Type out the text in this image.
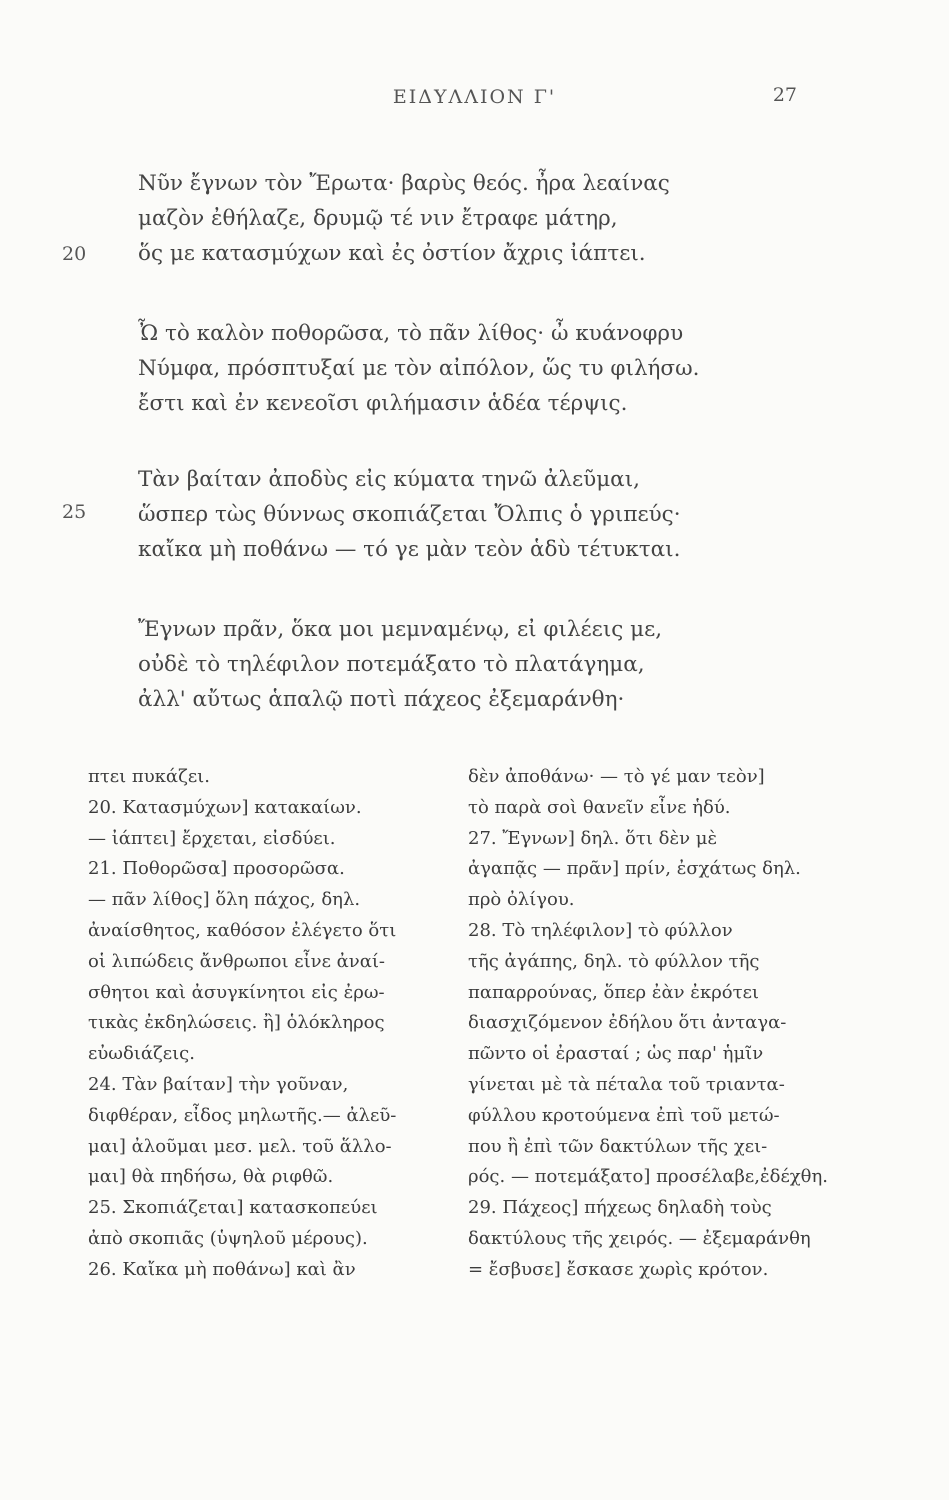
ΕΙΔΥΛΛΙΟΝ Γ'	27
Νῦν ἔγνων τὸν Ἔρωτα· βαρὺς θεός. ἦρα λεαίνας
μαζὸν ἐθήλαζε, δρυμῷ τέ νιν ἔτραφε μάτηρ,
ὅς με κατασμύχων καὶ ἐς ὀστίον ἄχρις ἰάπτει.
20
Ὦ τὸ καλὸν ποθορῶσα, τὸ πᾶν λίθος· ὦ κυάνοφρυ
Νύμφα, πρόσπτυξαί με τὸν αἰπόλον, ὥς τυ φιλήσω.
ἔστι καὶ ἐν κενεοῖσι φιλήμασιν ἁδέα τέρψις.
Τὰν βαίταν ἀποδὺς εἰς κύματα τηνῶ ἀλεῦμαι,
ὥσπερ τὼς θύννως σκοπιάζεται Ὄλπις ὁ γριπεύς·
καἴκα μὴ ποθάνω — τό γε μὰν τεὸν ἁδὺ τέτυκται.
25
Ἔγνων πρᾶν, ὅκα μοι μεμναμένῳ, εἰ φιλέεις με,
οὐδὲ τὸ τηλέφιλον ποτεμάξατο τὸ πλατάγημα,
ἀλλ' αὔτως ἁπαλῷ ποτὶ πάχεος ἐξεμαράνθη·
πτει πυκάζει.
20. Κατασμύχων] κατακαίων.
— ἰάπτει] ἔρχεται, εἰσδύει.
21. Ποθορῶσα] προσορῶσα.
— πᾶν λίθος] ὅλη πάχος, δηλ.
ἀναίσθητος, καθόσον ἐλέγετο ὅτι
οἱ λιπώδεις ἄνθρωποι εἶνε ἀναί-
σθητοι καὶ ἀσυγκίνητοι εἰς ἐρω-
τικὰς ἐκδηλώσεις. ἢ] ὁλόκληρος
εὐωδιάζεις.
24. Τὰν βαίταν] τὴν γοῦναν,
διφθέραν, εἶδος μηλωτῆς.— ἀλεῦ-
μαι] ἀλοῦμαι μεσ. μελ. τοῦ ἅλλο-
μαι] θὰ πηδήσω, θὰ ριφθῶ.
25. Σκοπιάζεται] κατασκοπεύει
ἀπὸ σκοπιᾶς (ὑψηλοῦ μέρους).
26. Καἴκα μὴ ποθάνω] καὶ ἂν
δὲν ἀποθάνω· — τὸ γέ μαν τεὸν]
τὸ παρὰ σοὶ θανεῖν εἶνε ἡδύ.
27. Ἔγνων] δηλ. ὅτι δὲν μὲ
ἀγαπᾷς — πρᾶν] πρίν, ἐσχάτως δηλ.
πρὸ ὀλίγου.
28. Τὸ τηλέφιλον] τὸ φύλλον
τῆς ἀγάπης, δηλ. τὸ φύλλον τῆς
παπαρρούνας, ὅπερ ἐὰν ἐκρότει
διασχιζόμενον ἐδήλου ὅτι ἀνταγα-
πῶντο οἱ ἐρασταί ; ὡς παρ' ἡμῖν
γίνεται μὲ τὰ πέταλα τοῦ τριαντα-
φύλλου κροτούμενα ἐπὶ τοῦ μετώ-
που ἢ ἐπὶ τῶν δακτύλων τῆς χει-
ρός. — ποτεμάξατο] προσέλαβε,ἐδέχθη.
29. Πάχεος] πήχεως δηλαδὴ τοὺς
δακτύλους τῆς χειρός. — ἐξεμαράνθη
= ἔσβυσε] ἔσκασε χωρὶς κρότον.
